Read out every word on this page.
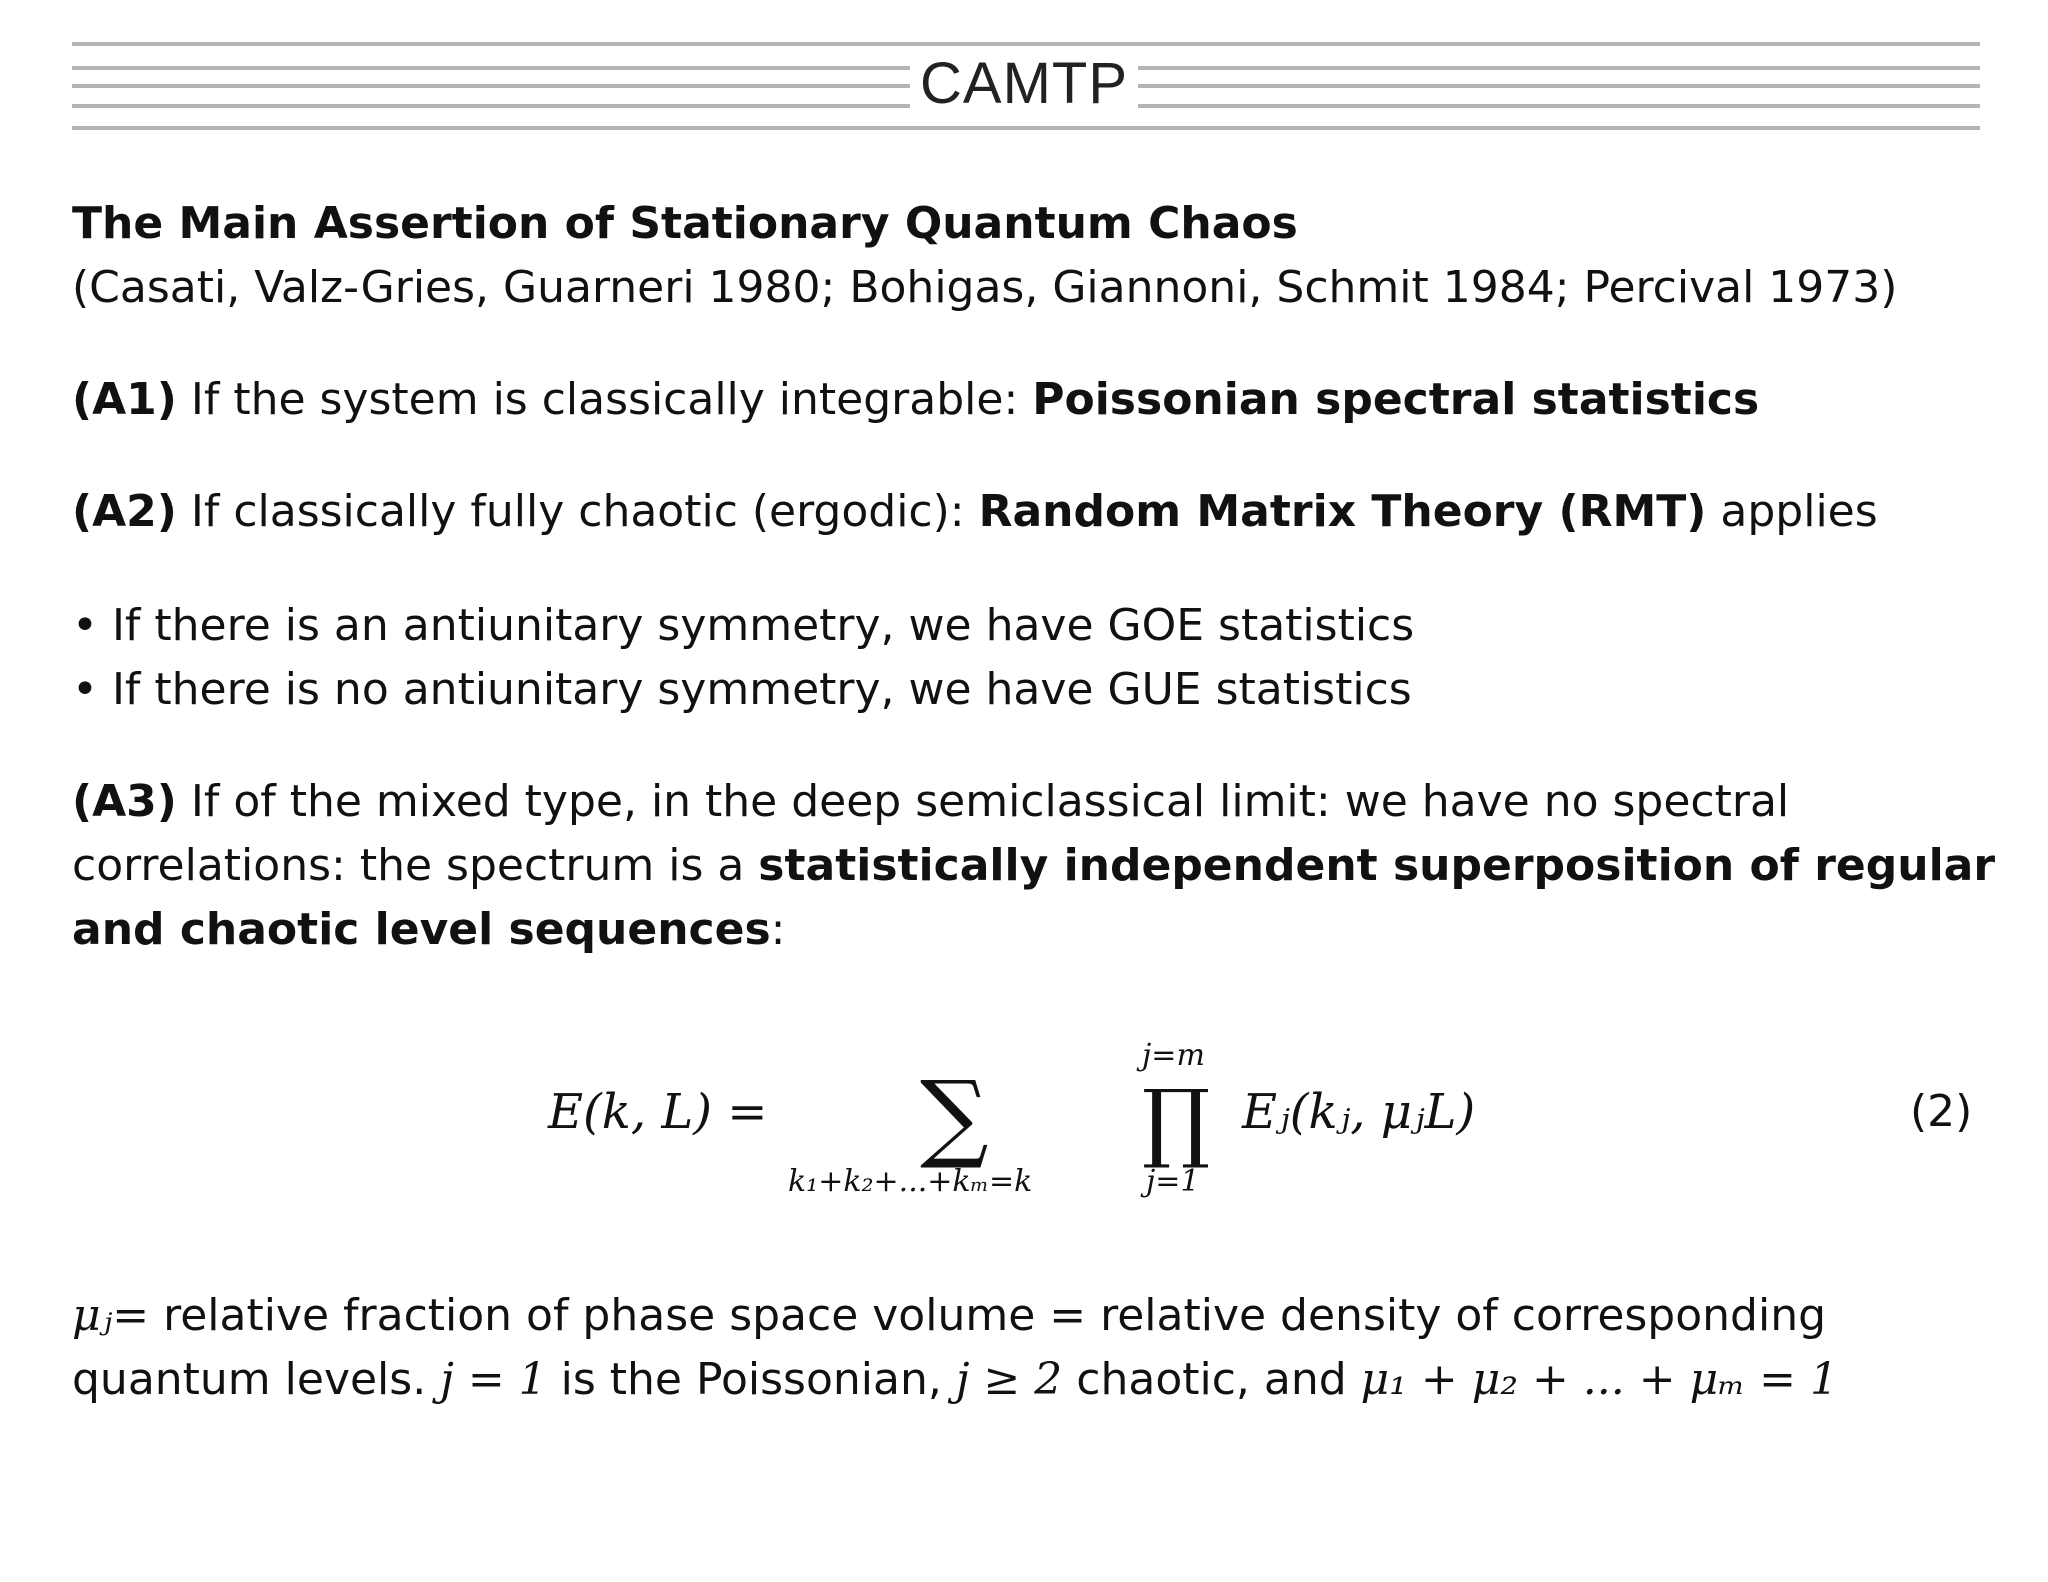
CAMTP
The Main Assertion of Stationary Quantum Chaos
(Casati, Valz-Gries, Guarneri 1980; Bohigas, Giannoni, Schmit 1984; Percival 1973)
(A1) If the system is classically integrable: Poissonian spectral statistics
(A2) If classically fully chaotic (ergodic): Random Matrix Theory (RMT) applies
• If there is an antiunitary symmetry, we have GOE statistics
• If there is no antiunitary symmetry, we have GUE statistics
(A3) If of the mixed type, in the deep semiclassical limit: we have no spectral
correlations: the spectrum is a statistically independent superposition of regular
and chaotic level sequences:
E(k, L) = ∑
k₁+k₂+...+kₘ=k
j=m
∏
j=1
Eⱼ(kⱼ, μⱼL)	(2)
μⱼ= relative fraction of phase space volume = relative density of corresponding
quantum levels. j = 1 is the Poissonian, j ≥ 2 chaotic, and μ₁ + μ₂ + ... + μₘ = 1
